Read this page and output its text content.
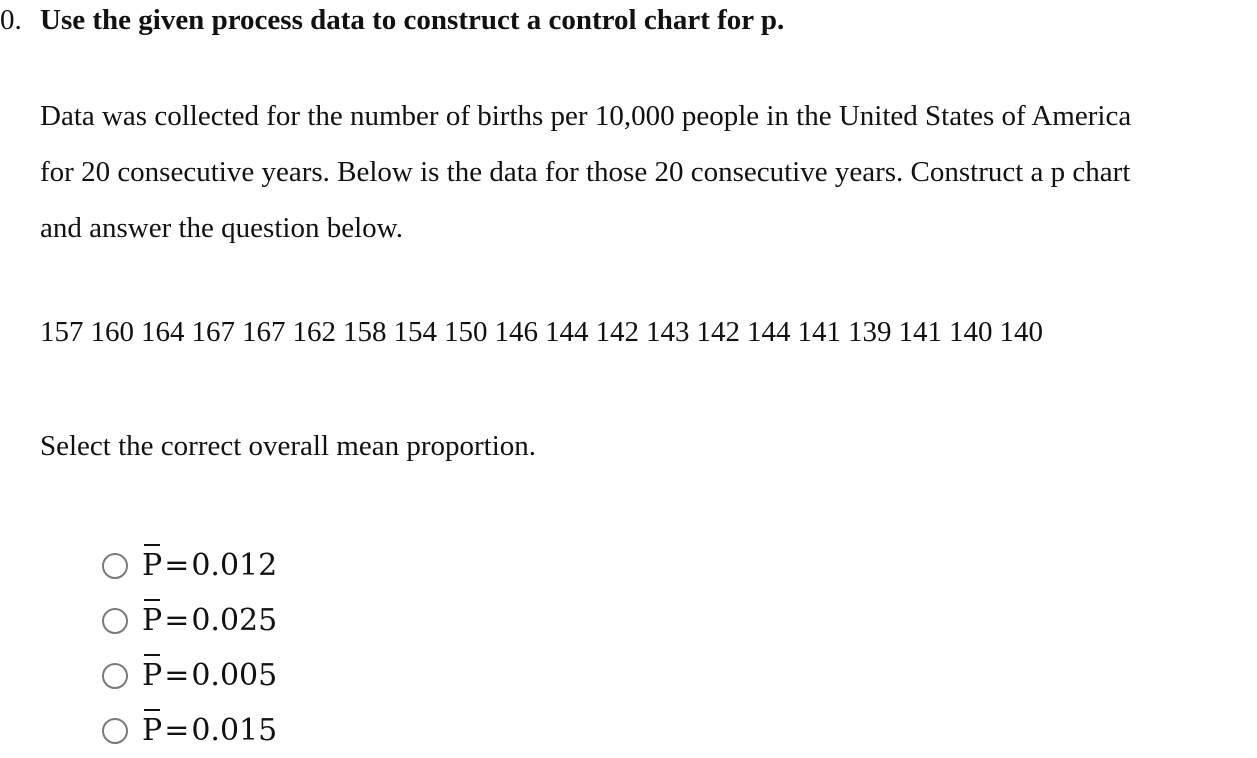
0. Use the given process data to construct a control chart for p.
Data was collected for the number of births per 10,000 people in the United States of America
for 20 consecutive years. Below is the data for those 20 consecutive years. Construct a p chart
and answer the question below.
157 160 164 167 167 162 158 154 150 146 144 142 143 142 144 141 139 141 140 140
Select the correct overall mean proportion.
P = 0.012
P = 0.025
P = 0.005
P = 0.015
